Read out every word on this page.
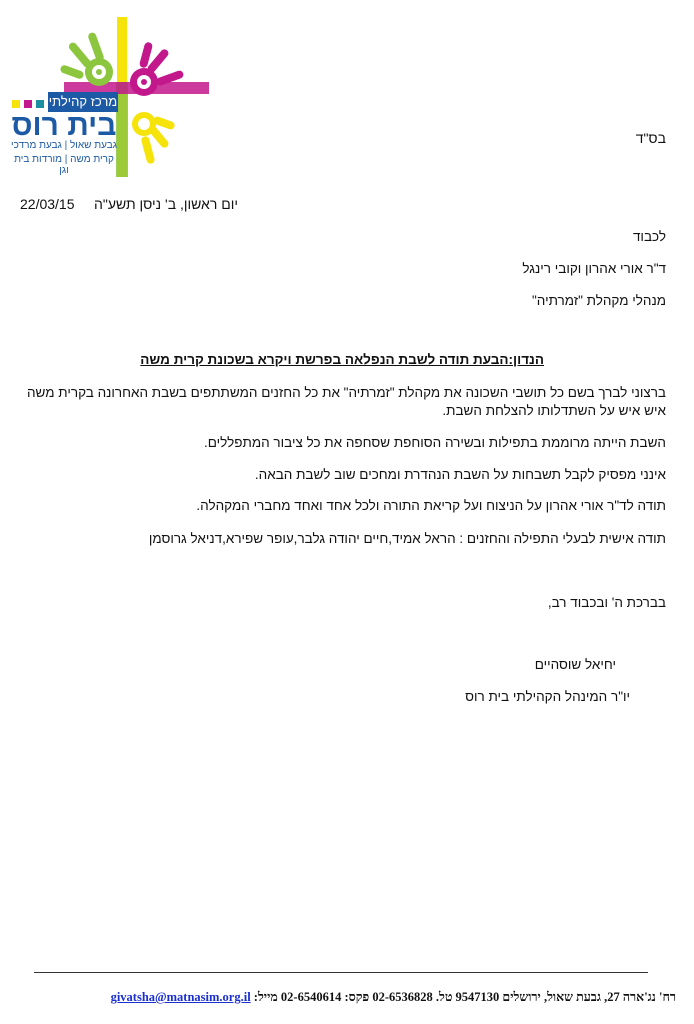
מרכז קהילתי
בית רוס
גבעת שאול | גבעת מרדכי
קרית משה | מורדות בית וגן
בס"ד
יום ראשון, ב' ניסן תשע"ה
22/03/15
לכבוד
ד"ר אורי אהרון וקובי רינגל
מנהלי מקהלת "זמרתיה"
הנדון:הבעת תודה לשבת הנפלאה בפרשת ויקרא בשכונת קרית משה
ברצוני לברך בשם כל תושבי השכונה את מקהלת "זמרתיה" את כל החזנים המשתתפים בשבת האחרונה בקרית משה איש איש על השתדלותו להצלחת השבת.
השבת הייתה מרוממת בתפילות ובשירה הסוחפת שסחפה את כל ציבור המתפללים.
אינני מפסיק לקבל תשבחות על השבת הנהדרת ומחכים שוב לשבת הבאה.
תודה לד"ר אורי אהרון על הניצוח ועל קריאת התורה ולכל אחד ואחד מחברי המקהלה.
תודה אישית לבעלי התפילה והחזנים : הראל אמיד,חיים יהודה גלבר,עופר שפירא,דניאל גרוסמן
בברכת ה' ובכבוד רב,
יחיאל שוסהיים
יו"ר המינהל הקהילתי בית רוס
רח' נג'ארה 27, גבעת שאול, ירושלים 9547130 טל. 02-6536828 פקס: 02-6540614 מייל: givatsha@matnasim.org.il
